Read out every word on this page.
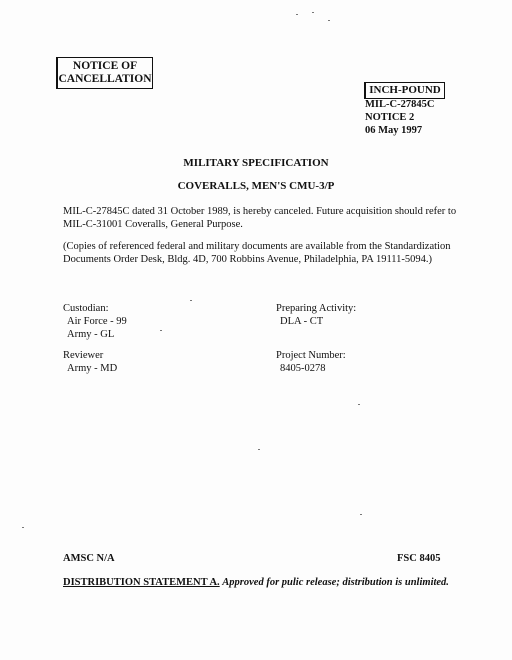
NOTICE OF
CANCELLATION
INCH-POUND
MIL-C-27845C
NOTICE 2
06 May 1997
MILITARY SPECIFICATION
COVERALLS, MEN'S CMU-3/P
MIL-C-27845C dated 31 October 1989, is hereby canceled. Future acquisition should refer to MIL-C-31001 Coveralls, General Purpose.
(Copies of referenced federal and military documents are available from the Standardization Documents Order Desk, Bldg. 4D, 700 Robbins Avenue, Philadelphia, PA 19111-5094.)
Custodian:
Air Force - 99
Army - GL
Preparing Activity:
DLA - CT
Reviewer
Army - MD
Project Number:
8405-0278
AMSC N/A	FSC 8405
DISTRIBUTION STATEMENT A. Approved for pulic release; distribution is unlimited.
